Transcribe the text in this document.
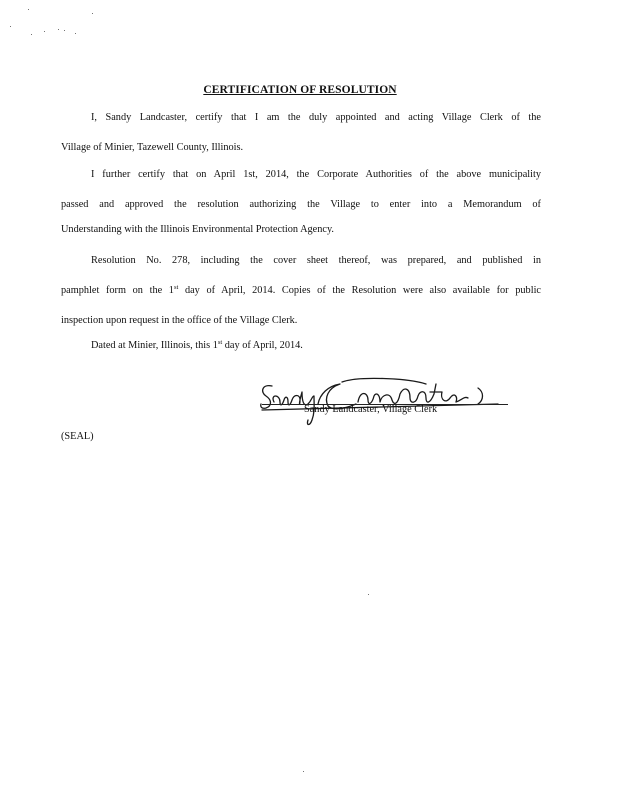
CERTIFICATION OF RESOLUTION
I, Sandy Landcaster, certify that I am the duly appointed and acting Village Clerk of the
Village of Minier, Tazewell County, Illinois.
I further certify that on April 1st, 2014, the Corporate Authorities of the above municipality
passed and approved the resolution authorizing the Village to enter into a Memorandum of
Understanding with the Illinois Environmental Protection Agency.
Resolution No. 278, including the cover sheet thereof, was prepared, and published in
pamphlet form on the 1st day of April, 2014. Copies of the Resolution were also available for public
inspection upon request in the office of the Village Clerk.
Dated at Minier, Illinois, this 1st day of April, 2014.
Sandy Landcaster, Village Clerk
(SEAL)
